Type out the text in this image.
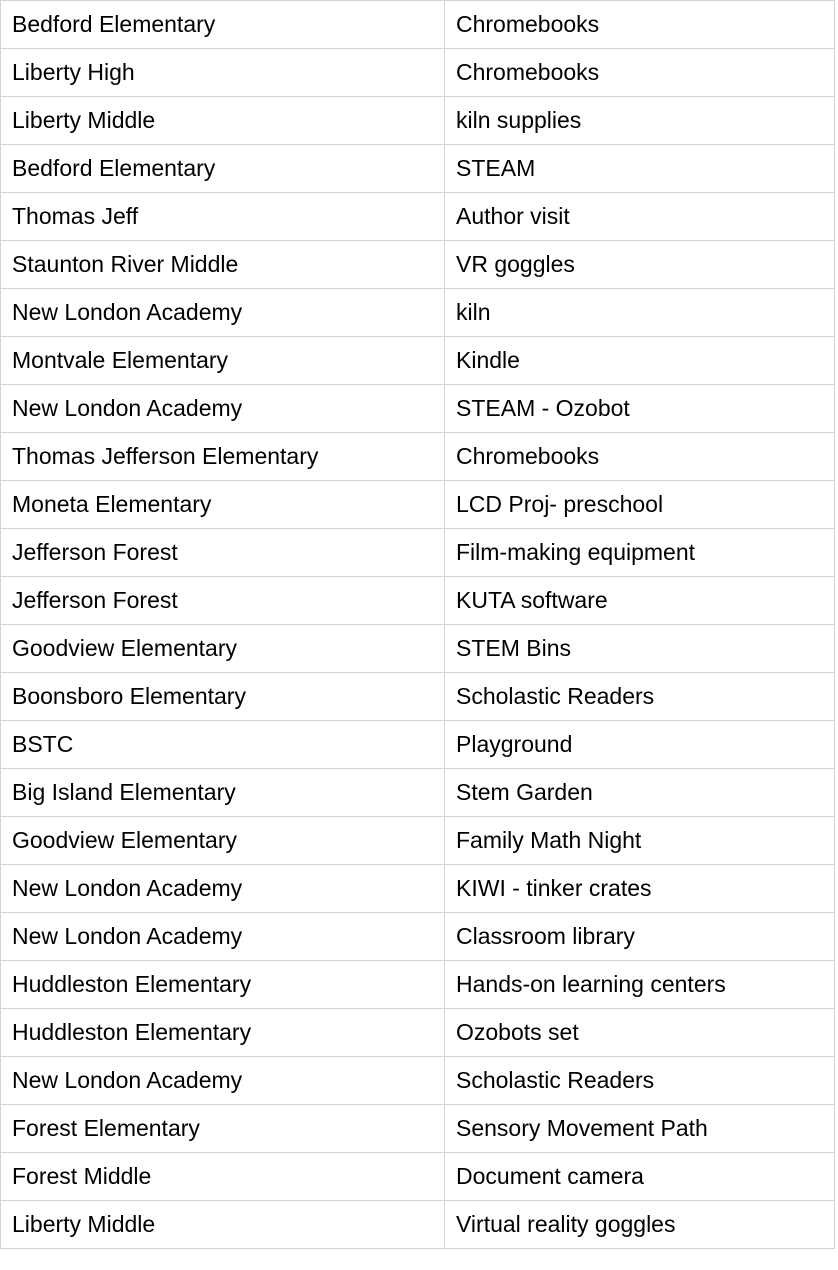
Bedford Elementary	Chromebooks
Liberty High	Chromebooks
Liberty Middle	kiln supplies
Bedford Elementary	STEAM
Thomas Jeff	Author visit
Staunton River Middle	VR goggles
New London Academy	kiln
Montvale Elementary	Kindle
New London Academy	STEAM - Ozobot
Thomas Jefferson Elementary	Chromebooks
Moneta Elementary	LCD Proj- preschool
Jefferson Forest	Film-making equipment
Jefferson Forest	KUTA software
Goodview Elementary	STEM Bins
Boonsboro Elementary	Scholastic Readers
BSTC	Playground
Big Island Elementary	Stem Garden
Goodview Elementary	Family Math Night
New London Academy	KIWI - tinker crates
New London Academy	Classroom library
Huddleston Elementary	Hands-on learning centers
Huddleston Elementary	Ozobots set
New London Academy	Scholastic Readers
Forest Elementary	Sensory Movement Path
Forest Middle	Document camera
Liberty Middle	Virtual reality goggles
